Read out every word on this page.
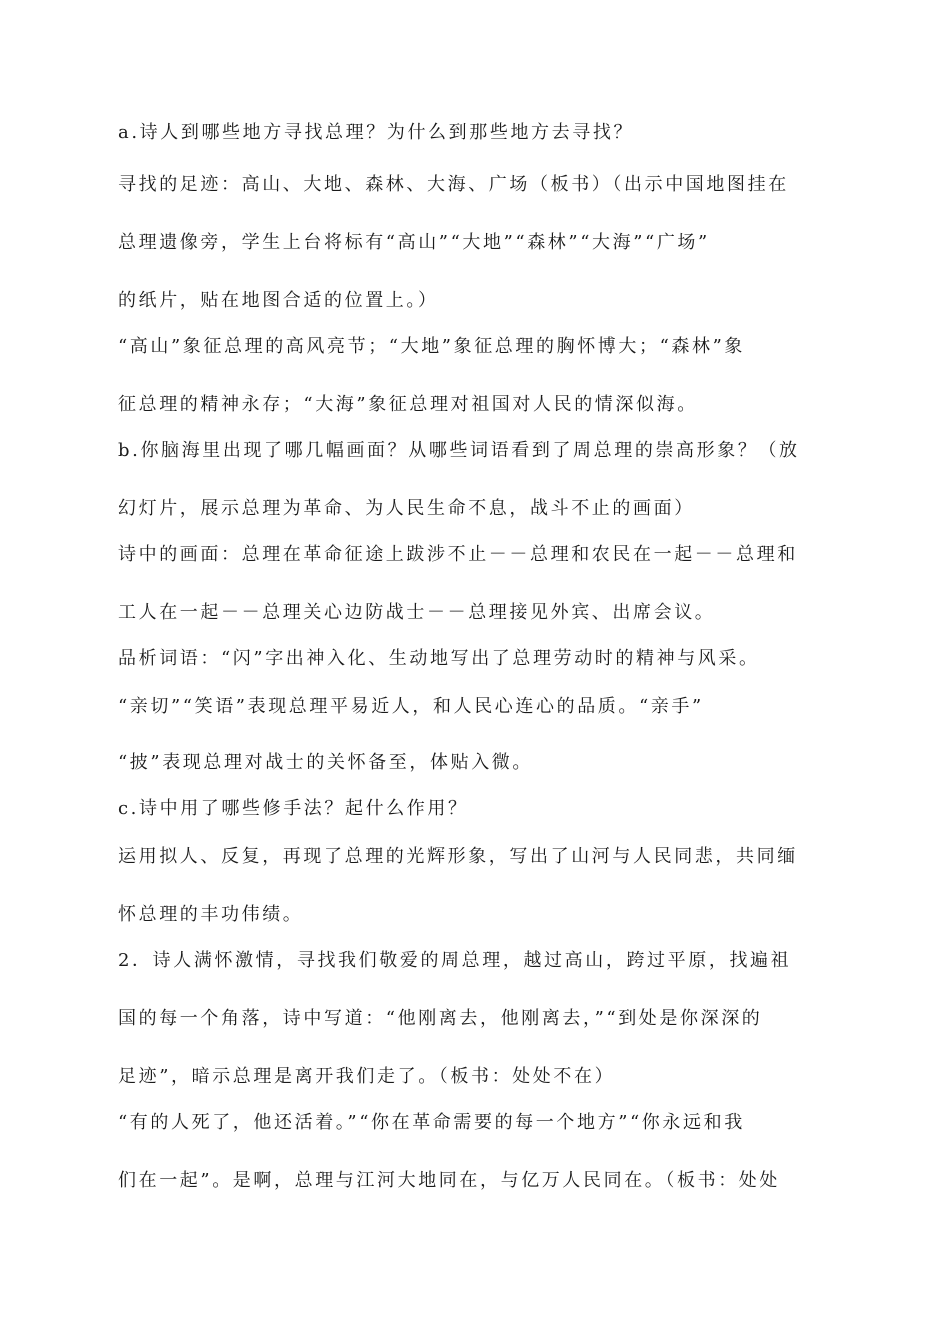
a.诗人到哪些地方寻找总理？为什么到那些地方去寻找？
寻找的足迹：高山、大地、森林、大海、广场（板书）（出示中国地图挂在
总理遗像旁，学生上台将标有“高山”“大地”“森林”“大海”“广场”
的纸片，贴在地图合适的位置上。）
“高山”象征总理的高风亮节；“大地”象征总理的胸怀博大；“森林”象
征总理的精神永存；“大海”象征总理对祖国对人民的情深似海。
b.你脑海里出现了哪几幅画面？从哪些词语看到了周总理的崇高形象？（放
幻灯片，展示总理为革命、为人民生命不息，战斗不止的画面）
诗中的画面：总理在革命征途上跋涉不止－－总理和农民在一起－－总理和
工人在一起－－总理关心边防战士－－总理接见外宾、出席会议。
品析词语：“闪”字出神入化、生动地写出了总理劳动时的精神与风采。
“亲切”“笑语”表现总理平易近人，和人民心连心的品质。“亲手”
“披”表现总理对战士的关怀备至，体贴入微。
c.诗中用了哪些修手法？起什么作用？
运用拟人、反复，再现了总理的光辉形象，写出了山河与人民同悲，共同缅
怀总理的丰功伟绩。
2．诗人满怀激情，寻找我们敬爱的周总理，越过高山，跨过平原，找遍祖
国的每一个角落，诗中写道：“他刚离去，他刚离去，”“到处是你深深的
足迹”，暗示总理是离开我们走了。（板书：处处不在）
“有的人死了，他还活着。”“你在革命需要的每一个地方”“你永远和我
们在一起”。是啊，总理与江河大地同在，与亿万人民同在。（板书：处处
